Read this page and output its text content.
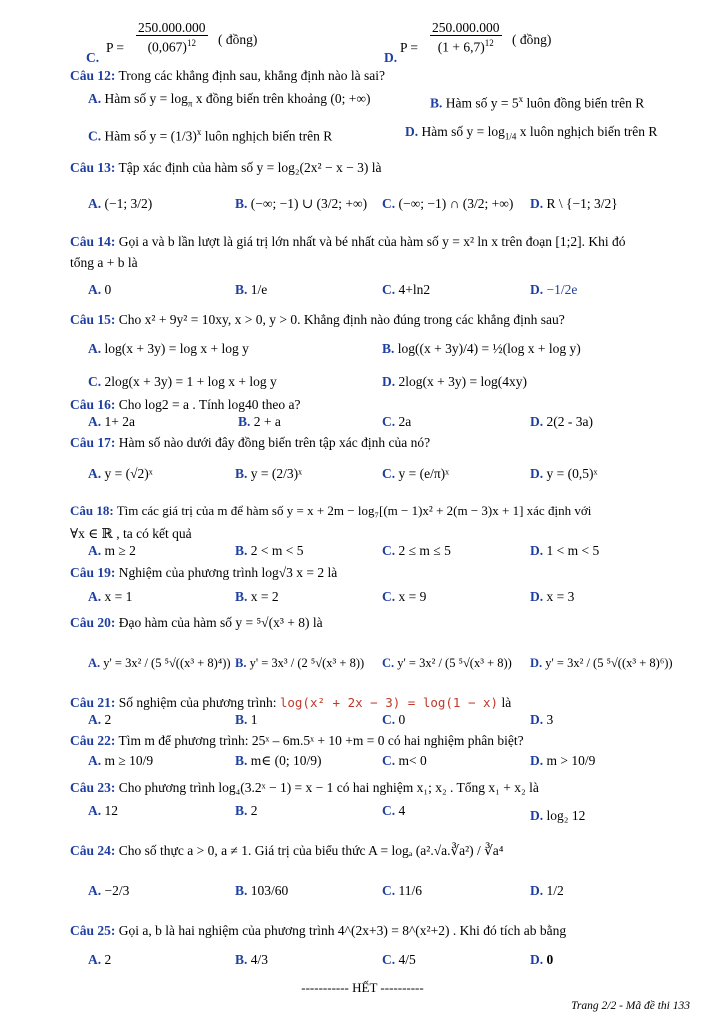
C.
$P = \frac{250.000.000}{(0,067)^{12}}$ ( đồng)
D.
$P = \frac{250.000.000}{(1 + 6,7)^{12}}$ ( đồng)
Câu 12: Trong các khẳng định sau, khẳng định nào là sai?
A. Hàm số $y = \log_\pi x$ đồng biến trên khoảng (0; +∞)	B. Hàm số $y = 5^x$ luôn đồng biến trên R
C. Hàm số $y = (1/3)^x$ luôn nghịch biến trên R	D. Hàm số $y = \log_{1/4} x$ luôn nghịch biến trên R
Câu 13: Tập xác định của hàm số y = log₂(2x² − x − 3) là
A. (−1; 3/2)	B. (−∞; −1) ∪ (3/2; +∞) C. (−∞; −1) ∩ (3/2; +∞) D. R \ {−1; 3/2}
Câu 14: Gọi a và b lần lượt là giá trị lớn nhất và bé nhất của hàm số y = x² ln x trên đoạn [1;2]. Khi đó
tổng a + b là
A. 0	B. 1/e	C. 4+ln2	D. −1/2e
Câu 15: Cho x² + 9y² = 10xy, x > 0, y > 0. Khẳng định nào đúng trong các khẳng định sau?
A. log(x + 3y) = log x + log y	B. log((x + 3y)/4) = ½(log x + log y)
C. 2log(x + 3y) = 1 + log x + log y	D. 2log(x + 3y) = log(4xy)
Câu 16: Cho log2 = a . Tính log40 theo a?
A. 1+ 2a	B. 2 + a	C. 2a	D. 2(2 - 3a)
Câu 17: Hàm số nào dưới đây đồng biến trên tập xác định của nó?
A. y = (√2)ˣ	B. y = (2/3)ˣ	C. y = (e/π)ˣ	D. y = (0,5)ˣ
Câu 18: Tìm các giá trị của m để hàm số y = x + 2m − log₇[(m − 1)x² + 2(m − 3)x + 1] xác định với
∀x ∈ ℝ , ta có kết quả
A. m ≥ 2	B. 2 < m < 5	C. 2 ≤ m ≤ 5	D. 1 < m < 5
Câu 19: Nghiệm của phương trình log√3 x = 2 là
A. x = 1	B. x = 2	C. x = 9	D. x = 3
Câu 20: Đạo hàm của hàm số y = ⁵√(x³ + 8) là
A. y' = 3x² / (5 ⁵√((x³ + 8)⁴)) B. y' = 3x³ / (2 ⁵√(x³ + 8)) C. y' = 3x² / (5 ⁵√(x³ + 8)) D. y' = 3x² / (5 ⁵√((x³ + 8)⁶))
Câu 21: Số nghiệm của phương trình: log(x² + 2x − 3) = log(1 − x) là
A. 2	B. 1	C. 0	D. 3
Câu 22: Tìm m để phương trình: 25ˣ – 6m.5ˣ + 10 +m = 0 có hai nghiệm phân biệt?
A. m ≥ 10/9	B. m∈ (0; 10/9)	C. m< 0	D. m > 10/9
Câu 23: Cho phương trình log₄(3.2ˣ − 1) = x − 1 có hai nghiệm x₁; x₂ . Tổng x₁ + x₂ là
A. 12	B. 2	C. 4	D. log₂ 12
Câu 24: Cho số thực a > 0, a ≠ 1. Giá trị của biểu thức A = logₐ (a².√a.∛a²) / ∛a⁴
A. −2/3	B. 103/60	C. 11/6	D. 1/2
Câu 25: Gọi a, b là hai nghiệm của phương trình 4^(2x+3) = 8^(x²+2) . Khi đó tích ab bằng
A. 2	B. 4/3	C. 4/5	D. 0
----------- HẾT ----------
Trang 2/2 - Mã đề thi 133
